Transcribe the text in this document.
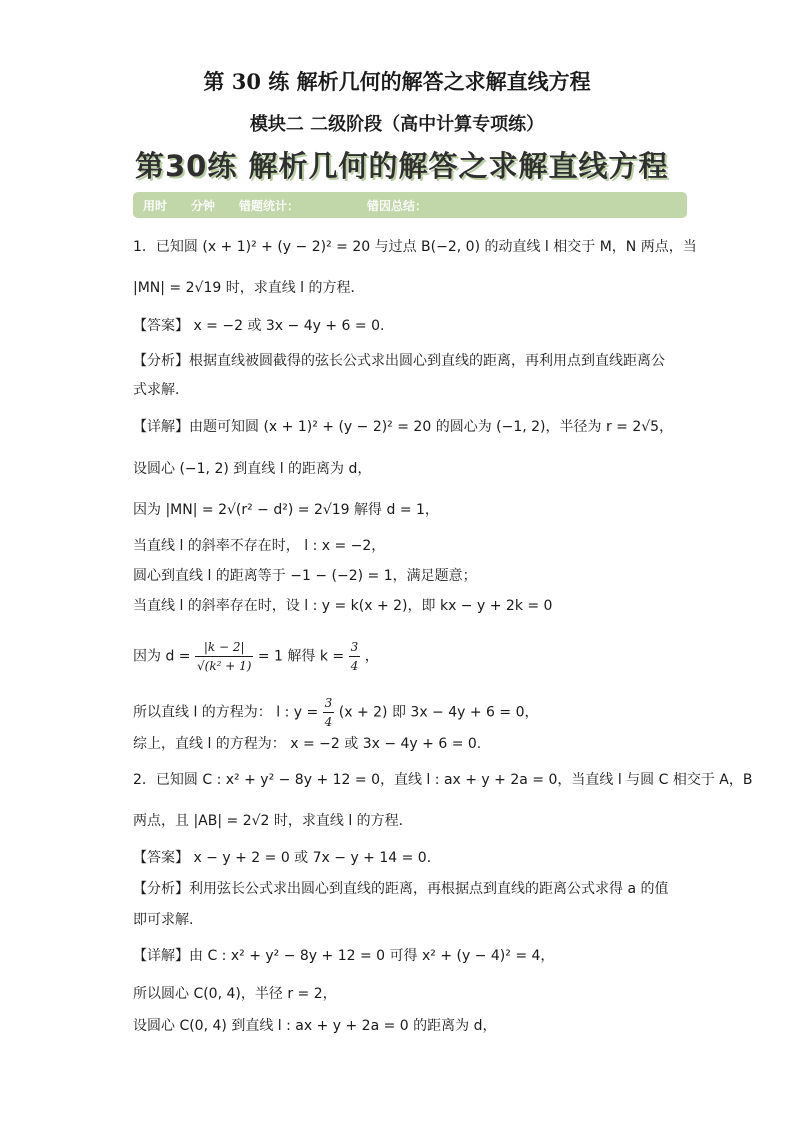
第 30 练 解析几何的解答之求解直线方程
模块二 二级阶段（高中计算专项练）
第30练 解析几何的解答之求解直线方程
用时 分钟 错题统计：	错因总结：
1．已知圆 (x + 1)² + (y − 2)² = 20 与过点 B(−2, 0) 的动直线 l 相交于 M，N 两点，当
|MN| = 2√19 时，求直线 l 的方程．
【答案】 x = −2 或 3x − 4y + 6 = 0.
【分析】根据直线被圆截得的弦长公式求出圆心到直线的距离，再利用点到直线距离公
式求解.
【详解】由题可知圆 (x + 1)² + (y − 2)² = 20 的圆心为 (−1, 2)，半径为 r = 2√5，
设圆心 (−1, 2) 到直线 l 的距离为 d，
因为 |MN| = 2√(r² − d²) = 2√19 解得 d = 1，
当直线 l 的斜率不存在时， l : x = −2，
圆心到直线 l 的距离等于 −1 − (−2) = 1，满足题意；
当直线 l 的斜率存在时，设 l : y = k(x + 2)，即 kx − y + 2k = 0
因为 $d = \frac{|k - 2|}{\text{√(k² + 1)}} = 1$ 解得 $k = \frac{3}{4}$ ，
所以直线 l 的方程为： l : $y = \frac{3}{4} (x + 2)$ 即 3x − 4y + 6 = 0，
综上，直线 l 的方程为： x = −2 或 3x − 4y + 6 = 0.
2．已知圆 C : x² + y² − 8y + 12 = 0，直线 l : ax + y + 2a = 0，当直线 l 与圆 C 相交于 A，B
两点，且 |AB| = 2√2 时，求直线 l 的方程．
【答案】 x − y + 2 = 0 或 7x − y + 14 = 0.
【分析】利用弦长公式求出圆心到直线的距离，再根据点到直线的距离公式求得 a 的值
即可求解.
【详解】由 C : x² + y² − 8y + 12 = 0 可得 x² + (y − 4)² = 4，
所以圆心 C(0, 4)，半径 r = 2，
设圆心 C(0, 4) 到直线 l : ax + y + 2a = 0 的距离为 d，
